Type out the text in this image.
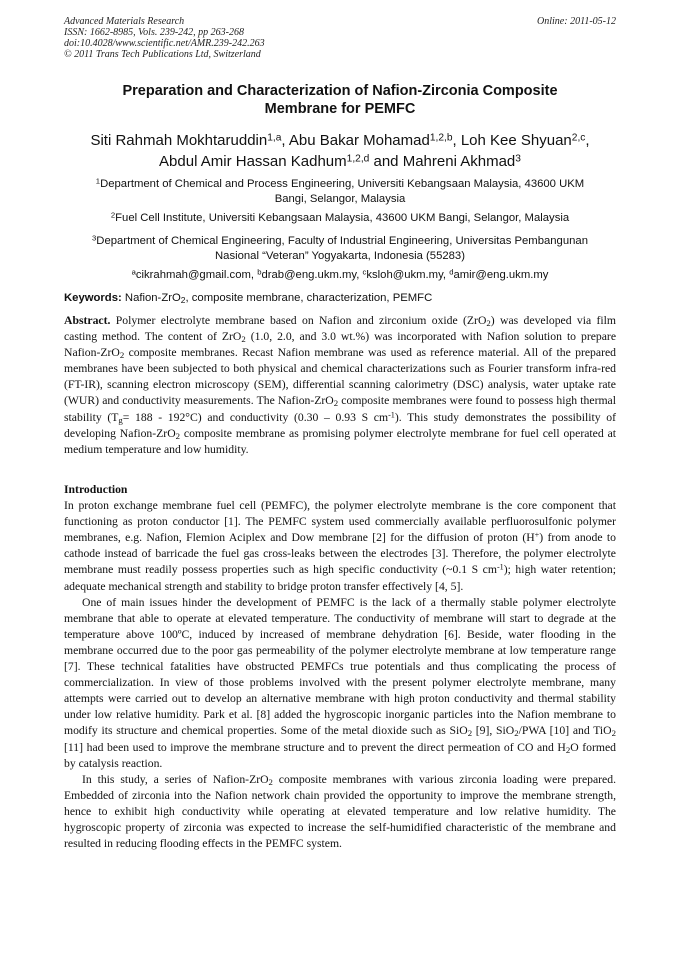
Advanced Materials Research
ISSN: 1662-8985, Vols. 239-242, pp 263-268
doi:10.4028/www.scientific.net/AMR.239-242.263
© 2011 Trans Tech Publications Ltd, Switzerland
Online: 2011-05-12
Preparation and Characterization of Nafion-Zirconia Composite
Membrane for PEMFC
Siti Rahmah Mokhtaruddin$^{1,a}$, Abu Bakar Mohamad$^{1,2,b}$, Loh Kee Shyuan$^{2,c}$,
Abdul Amir Hassan Kadhum$^{1,2,d}$ and Mahreni Akhmad$^3$
$^1$Department of Chemical and Process Engineering, Universiti Kebangsaan Malaysia, 43600 UKM
Bangi, Selangor, Malaysia
$^2$Fuel Cell Institute, Universiti Kebangsaan Malaysia, 43600 UKM Bangi, Selangor, Malaysia
$^3$Department of Chemical Engineering, Faculty of Industrial Engineering, Universitas Pembangunan
Nasional “Veteran” Yogyakarta, Indonesia (55283)
$^a$cikrahmah@gmail.com, $^b$drab@eng.ukm.my, $^c$ksloh@ukm.my, $^d$amir@eng.ukm.my
Keywords: Nafion-ZrO$_2$, composite membrane, characterization, PEMFC

Abstract. Polymer electrolyte membrane based on Nafion and zirconium oxide (ZrO$_2$) was developed via film casting method. The content of ZrO$_2$ (1.0, 2.0, and 3.0 wt.%) was incorporated with Nafion solution to prepare Nafion-ZrO$_2$ composite membranes. Recast Nafion membrane was used as reference material. All of the prepared membranes have been subjected to both physical and chemical characterizations such as Fourier transform infra-red (FT-IR), scanning electron microscopy (SEM), differential scanning calorimetry (DSC) analysis, water uptake rate (WUR) and conductivity measurements. The Nafion-ZrO$_2$ composite membranes were found to possess high thermal stability $(T_g= 188 - 192^\circ C)$ and conductivity (0.30 – 0.93 S $cm^{-1}$). This study demonstrates the possibility of developing Nafion-ZrO$_2$ composite membrane as promising polymer electrolyte membrane for fuel cell operated at medium temperature and low humidity.

Introduction

In proton exchange membrane fuel cell (PEMFC), the polymer electrolyte membrane is the core component that functioning as proton conductor [1]. The PEMFC system used commercially available perfluorosulfonic polymer membranes, e.g. Nafion, Flemion Aciplex and Dow membrane [2] for the diffusion of proton (H+) from anode to cathode instead of barricade the fuel gas cross-leaks between the electrodes [3]. Therefore, the polymer electrolyte membrane must readily possess properties such as high specific conductivity (~0.1 S $cm^{-1}$); high water retention; adequate mechanical strength and stability to bridge proton transfer effectively [4, 5].

One of main issues hinder the development of PEMFC is the lack of a thermally stable polymer electrolyte membrane that able to operate at elevated temperature. The conductivity of membrane will start to degrade at the temperature above 100ºC, induced by increased of membrane dehydration [6]. Beside, water flooding in the membrane occurred due to the poor gas permeability of the polymer electrolyte membrane at low temperature range [7]. These technical fatalities have obstructed PEMFCs true potentials and thus complicating the process of commercialization. In view of those problems involved with the present polymer electrolyte membrane, many attempts were carried out to develop an alternative membrane with high proton conductivity and thermal stability under low relative humidity. Park et al. [8] added the hygroscopic inorganic particles into the Nafion membrane to modify its structure and chemical properties. Some of the metal dioxide such as SiO$_2$ [9], SiO$_2$/PWA [10] and TiO$_2$ [11] had been used to improve the membrane structure and to prevent the direct permeation of CO and $H_2O$ formed by catalysis reaction.

In this study, a series of Nafion-ZrO$_2$ composite membranes with various zirconia loading were prepared. Embedded of zirconia into the Nafion network chain provided the opportunity to improve the membrane strength, hence to exhibit high conductivity while operating at elevated temperature and low relative humidity. The hygroscopic property of zirconia was expected to increase the self-humidified characteristic of the membrane and resulted in reducing flooding effects in the PEMFC system.
